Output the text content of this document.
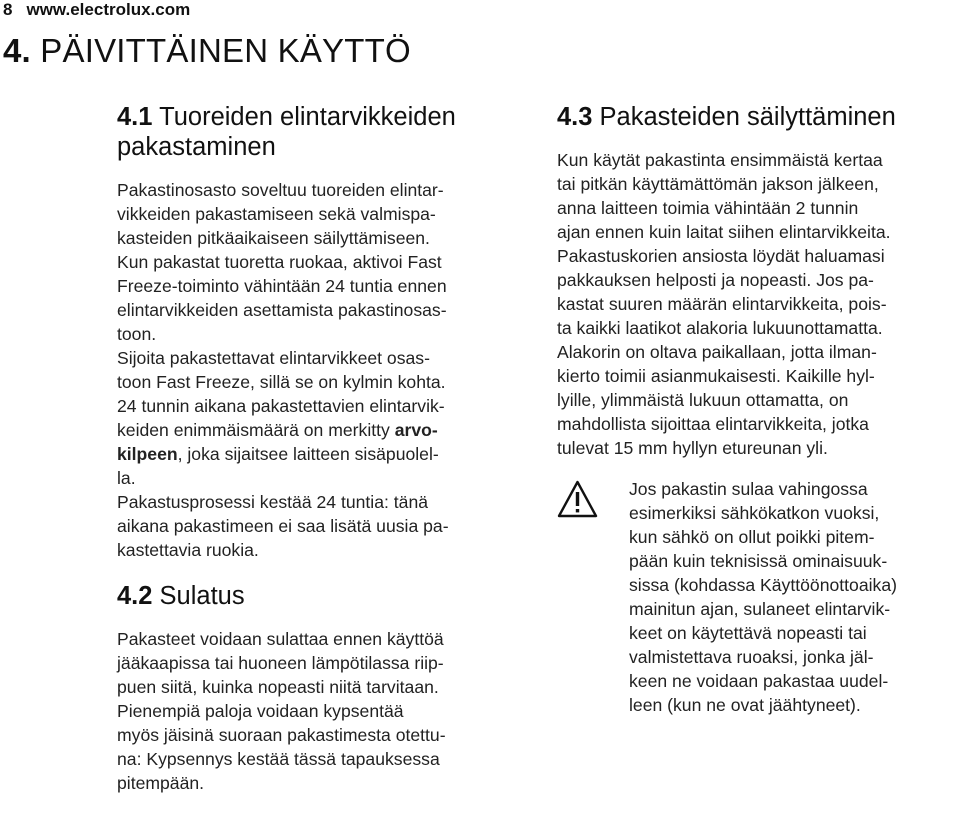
8 www.electrolux.com
4. PÄIVITTÄINEN KÄYTTÖ
4.1 Tuoreiden elintarvikkeiden
pakastaminen

Pakastinosasto soveltuu tuoreiden elintar-
vikkeiden pakastamiseen sekä valmispa-
kasteiden pitkäaikaiseen säilyttämiseen.
Kun pakastat tuoretta ruokaa, aktivoi Fast
Freeze-toiminto vähintään 24 tuntia ennen
elintarvikkeiden asettamista pakastinosas-
toon.
Sijoita pakastettavat elintarvikkeet osas-
toon Fast Freeze, sillä se on kylmin kohta.
24 tunnin aikana pakastettavien elintarvik-
keiden enimmäismäärä on merkitty arvo-
kilpeen, joka sijaitsee laitteen sisäpuolel-
la.
Pakastusprosessi kestää 24 tuntia: tänä
aikana pakastimeen ei saa lisätä uusia pa-
kastettavia ruokia.

4.2 Sulatus

Pakasteet voidaan sulattaa ennen käyttöä
jääkaapissa tai huoneen lämpötilassa riip-
puen siitä, kuinka nopeasti niitä tarvitaan.
Pienempiä paloja voidaan kypsentää
myös jäisinä suoraan pakastimesta otettu-
na: Kypsennys kestää tässä tapauksessa
pitempään.

4.3 Pakasteiden säilyttäminen

Kun käytät pakastinta ensimmäistä kertaa
tai pitkän käyttämättömän jakson jälkeen,
anna laitteen toimia vähintään 2 tunnin
ajan ennen kuin laitat siihen elintarvikkeita.
Pakastuskorien ansiosta löydät haluamasi
pakkauksen helposti ja nopeasti. Jos pa-
kastat suuren määrän elintarvikkeita, pois-
ta kaikki laatikot alakoria lukuunottamatta.
Alakorin on oltava paikallaan, jotta ilman-
kierto toimii asianmukaisesti. Kaikille hyl-
lyille, ylimmäistä lukuun ottamatta, on
mahdollista sijoittaa elintarvikkeita, jotka
tulevat 15 mm hyllyn etureunan yli.

Jos pakastin sulaa vahingossa
esimerkiksi sähkökatkon vuoksi,
kun sähkö on ollut poikki pitem-
pään kuin teknisissä ominaisuuk-
sissa (kohdassa Käyttöönottoaika)
mainitun ajan, sulaneet elintarvik-
keet on käytettävä nopeasti tai
valmistettava ruoaksi, jonka jäl-
keen ne voidaan pakastaa uudel-
leen (kun ne ovat jäähtyneet).
